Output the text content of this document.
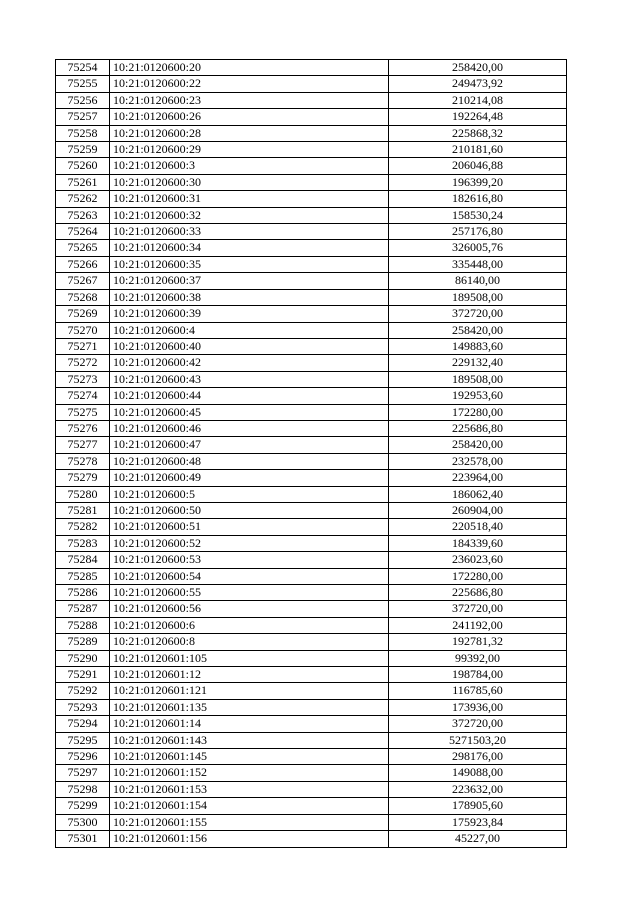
75254	10:21:0120600:20	258420,00
75255	10:21:0120600:22	249473,92
75256	10:21:0120600:23	210214,08
75257	10:21:0120600:26	192264,48
75258	10:21:0120600:28	225868,32
75259	10:21:0120600:29	210181,60
75260	10:21:0120600:3	206046,88
75261	10:21:0120600:30	196399,20
75262	10:21:0120600:31	182616,80
75263	10:21:0120600:32	158530,24
75264	10:21:0120600:33	257176,80
75265	10:21:0120600:34	326005,76
75266	10:21:0120600:35	335448,00
75267	10:21:0120600:37	86140,00
75268	10:21:0120600:38	189508,00
75269	10:21:0120600:39	372720,00
75270	10:21:0120600:4	258420,00
75271	10:21:0120600:40	149883,60
75272	10:21:0120600:42	229132,40
75273	10:21:0120600:43	189508,00
75274	10:21:0120600:44	192953,60
75275	10:21:0120600:45	172280,00
75276	10:21:0120600:46	225686,80
75277	10:21:0120600:47	258420,00
75278	10:21:0120600:48	232578,00
75279	10:21:0120600:49	223964,00
75280	10:21:0120600:5	186062,40
75281	10:21:0120600:50	260904,00
75282	10:21:0120600:51	220518,40
75283	10:21:0120600:52	184339,60
75284	10:21:0120600:53	236023,60
75285	10:21:0120600:54	172280,00
75286	10:21:0120600:55	225686,80
75287	10:21:0120600:56	372720,00
75288	10:21:0120600:6	241192,00
75289	10:21:0120600:8	192781,32
75290	10:21:0120601:105	99392,00
75291	10:21:0120601:12	198784,00
75292	10:21:0120601:121	116785,60
75293	10:21:0120601:135	173936,00
75294	10:21:0120601:14	372720,00
75295	10:21:0120601:143	5271503,20
75296	10:21:0120601:145	298176,00
75297	10:21:0120601:152	149088,00
75298	10:21:0120601:153	223632,00
75299	10:21:0120601:154	178905,60
75300	10:21:0120601:155	175923,84
75301	10:21:0120601:156	45227,00
